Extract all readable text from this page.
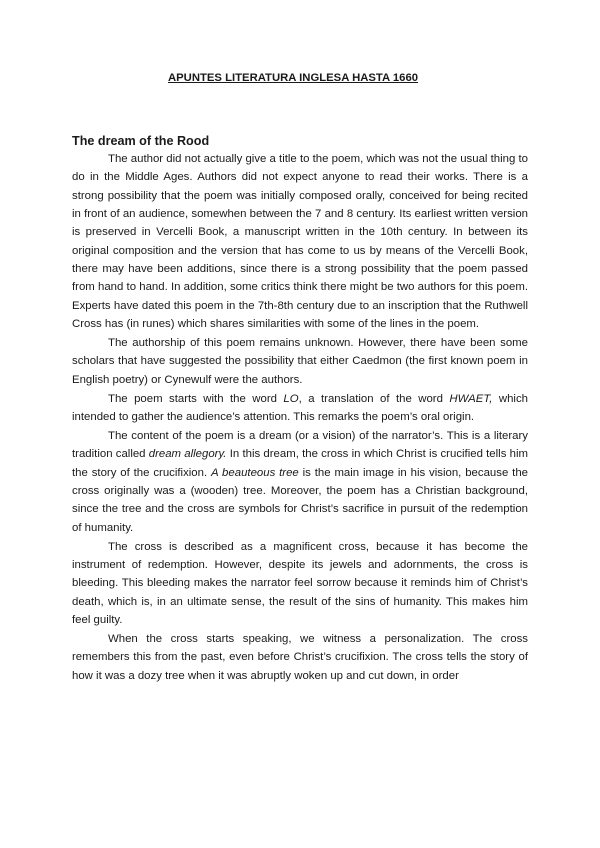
APUNTES LITERATURA INGLESA HASTA 1660
The dream of the Rood

The author did not actually give a title to the poem, which was not the usual thing to do in the Middle Ages. Authors did not expect anyone to read their works. There is a strong possibility that the poem was initially composed orally, conceived for being recited in front of an audience, somewhen between the 7 and 8 century. Its earliest written version is preserved in Vercelli Book, a manuscript written in the 10th century. In between its original composition and the version that has come to us by means of the Vercelli Book, there may have been additions, since there is a strong possibility that the poem passed from hand to hand. In addition, some critics think there might be two authors for this poem. Experts have dated this poem in the 7th-8th century due to an inscription that the Ruthwell Cross has (in runes) which shares similarities with some of the lines in the poem.

The authorship of this poem remains unknown. However, there have been some scholars that have suggested the possibility that either Caedmon (the first known poem in English poetry) or Cynewulf were the authors.

The poem starts with the word LO, a translation of the word HWAET, which intended to gather the audience’s attention. This remarks the poem’s oral origin.

The content of the poem is a dream (or a vision) of the narrator’s. This is a literary tradition called dream allegory. In this dream, the cross in which Christ is crucified tells him the story of the crucifixion. A beauteous tree is the main image in his vision, because the cross originally was a (wooden) tree. Moreover, the poem has a Christian background, since the tree and the cross are symbols for Christ’s sacrifice in pursuit of the redemption of humanity.

The cross is described as a magnificent cross, because it has become the instrument of redemption. However, despite its jewels and adornments, the cross is bleeding. This bleeding makes the narrator feel sorrow because it reminds him of Christ’s death, which is, in an ultimate sense, the result of the sins of humanity. This makes him feel guilty.

When the cross starts speaking, we witness a personalization. The cross remembers this from the past, even before Christ’s crucifixion. The cross tells the story of how it was a dozy tree when it was abruptly woken up and cut down, in order
